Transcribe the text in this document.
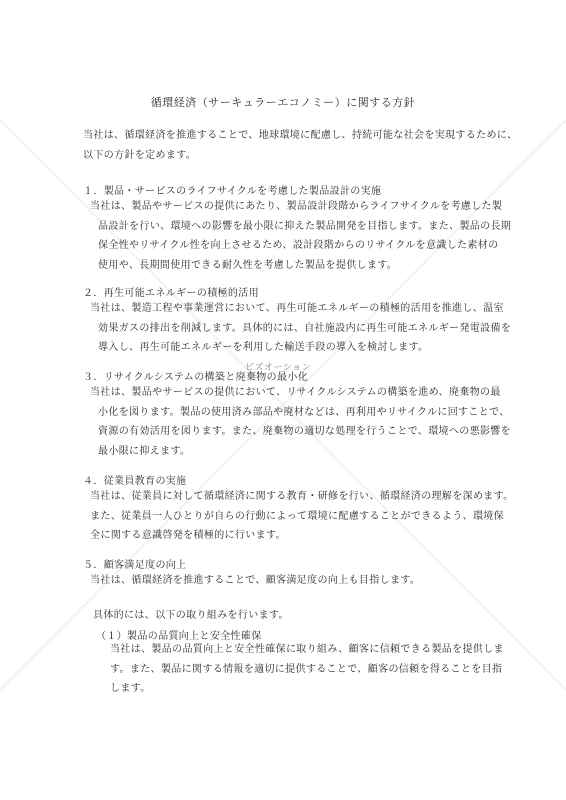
ビズオーション
循環経済（サーキュラーエコノミー）に関する方針
当社は、循環経済を推進することで、地球環境に配慮し、持続可能な社会を実現するために、
以下の方針を定めます。
１．製品・サービスのライフサイクルを考慮した製品設計の実施
当社は、製品やサービスの提供にあたり、製品設計段階からライフサイクルを考慮した製
品設計を行い、環境への影響を最小限に抑えた製品開発を目指します。また、製品の長期
保全性やリサイクル性を向上させるため、設計段階からのリサイクルを意識した素材の
使用や、長期間使用できる耐久性を考慮した製品を提供します。
２．再生可能エネルギーの積極的活用
当社は、製造工程や事業運営において、再生可能エネルギーの積極的活用を推進し、温室
効果ガスの排出を削減します。具体的には、自社施設内に再生可能エネルギー発電設備を
導入し、再生可能エネルギーを利用した輸送手段の導入を検討します。
３．リサイクルシステムの構築と廃棄物の最小化
当社は、製品やサービスの提供において、リサイクルシステムの構築を進め、廃棄物の最
小化を図ります。製品の使用済み部品や廃材などは、再利用やリサイクルに回すことで、
資源の有効活用を図ります。また、廃棄物の適切な処理を行うことで、環境への悪影響を
最小限に抑えます。
４．従業員教育の実施
当社は、従業員に対して循環経済に関する教育・研修を行い、循環経済の理解を深めます。
また、従業員一人ひとりが自らの行動によって環境に配慮することができるよう、環境保
全に関する意識啓発を積極的に行います。
５．顧客満足度の向上
当社は、循環経済を推進することで、顧客満足度の向上も目指します。
具体的には、以下の取り組みを行います。
（１）製品の品質向上と安全性確保
当社は、製品の品質向上と安全性確保に取り組み、顧客に信頼できる製品を提供しま
す。また、製品に関する情報を適切に提供することで、顧客の信頼を得ることを目指
します。
